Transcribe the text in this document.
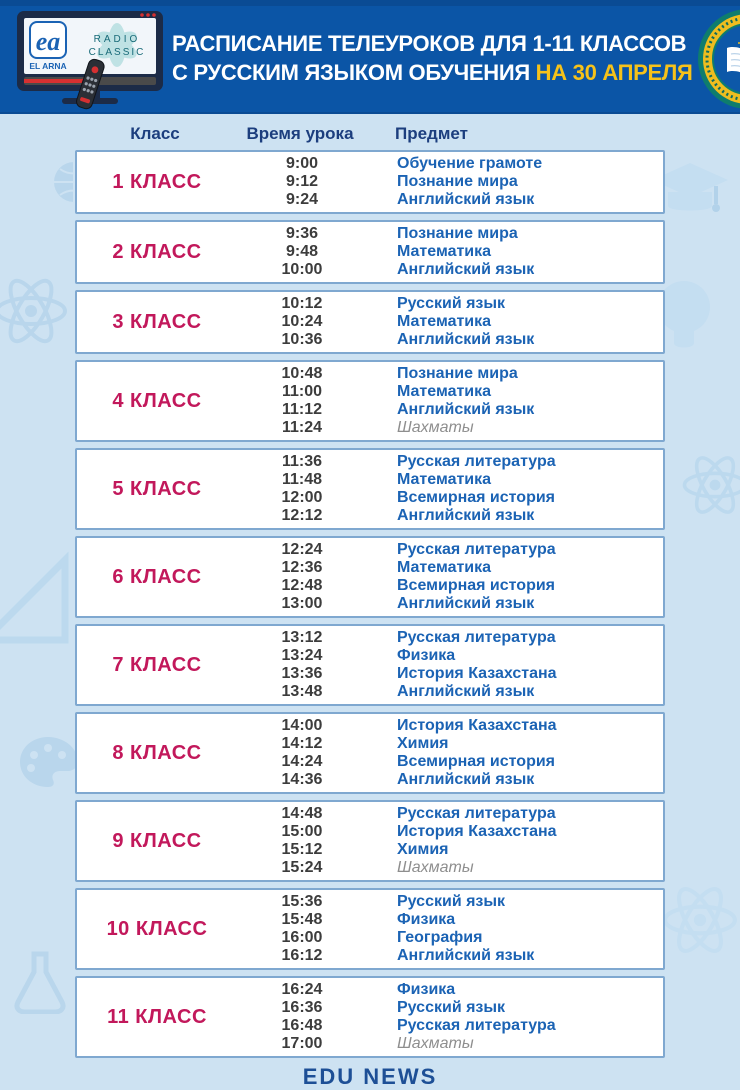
ea
EL ARNA
RADIO
CLASSIC РАСПИСАНИЕ ТЕЛЕУРОКОВ ДЛЯ 1-11 КЛАССОВ
С РУССКИМ ЯЗЫКОМ ОБУЧЕНИЯ НА 30 АПРЕЛЯ
Класс	Время урока	Предмет
1 КЛАСС
9:00	Обучение грамоте
9:12	Познание мира
9:24	Английский язык
2 КЛАСС
9:36	Познание мира
9:48	Математика
10:00	Английский язык
3 КЛАСС
10:12	Русский язык
10:24	Математика
10:36	Английский язык
4 КЛАСС
10:48	Познание мира
11:00	Математика
11:12	Английский язык
11:24	Шахматы
5 КЛАСС
11:36	Русская литература
11:48	Математика
12:00	Всемирная история
12:12	Английский язык
6 КЛАСС
12:24	Русская литература
12:36	Математика
12:48	Всемирная история
13:00	Английский язык
7 КЛАСС
13:12	Русская литература
13:24	Физика
13:36	История Казахстана
13:48	Английский язык
8 КЛАСС
14:00	История Казахстана
14:12	Химия
14:24	Всемирная история
14:36	Английский язык
9 КЛАСС
14:48	Русская литература
15:00	История Казахстана
15:12	Химия
15:24	Шахматы
10 КЛАСС
15:36	Русский язык
15:48	Физика
16:00	География
16:12	Английский язык
11 КЛАСС
16:24	Физика
16:36	Русский язык
16:48	Русская литература
17:00	Шахматы
EDU NEWS
